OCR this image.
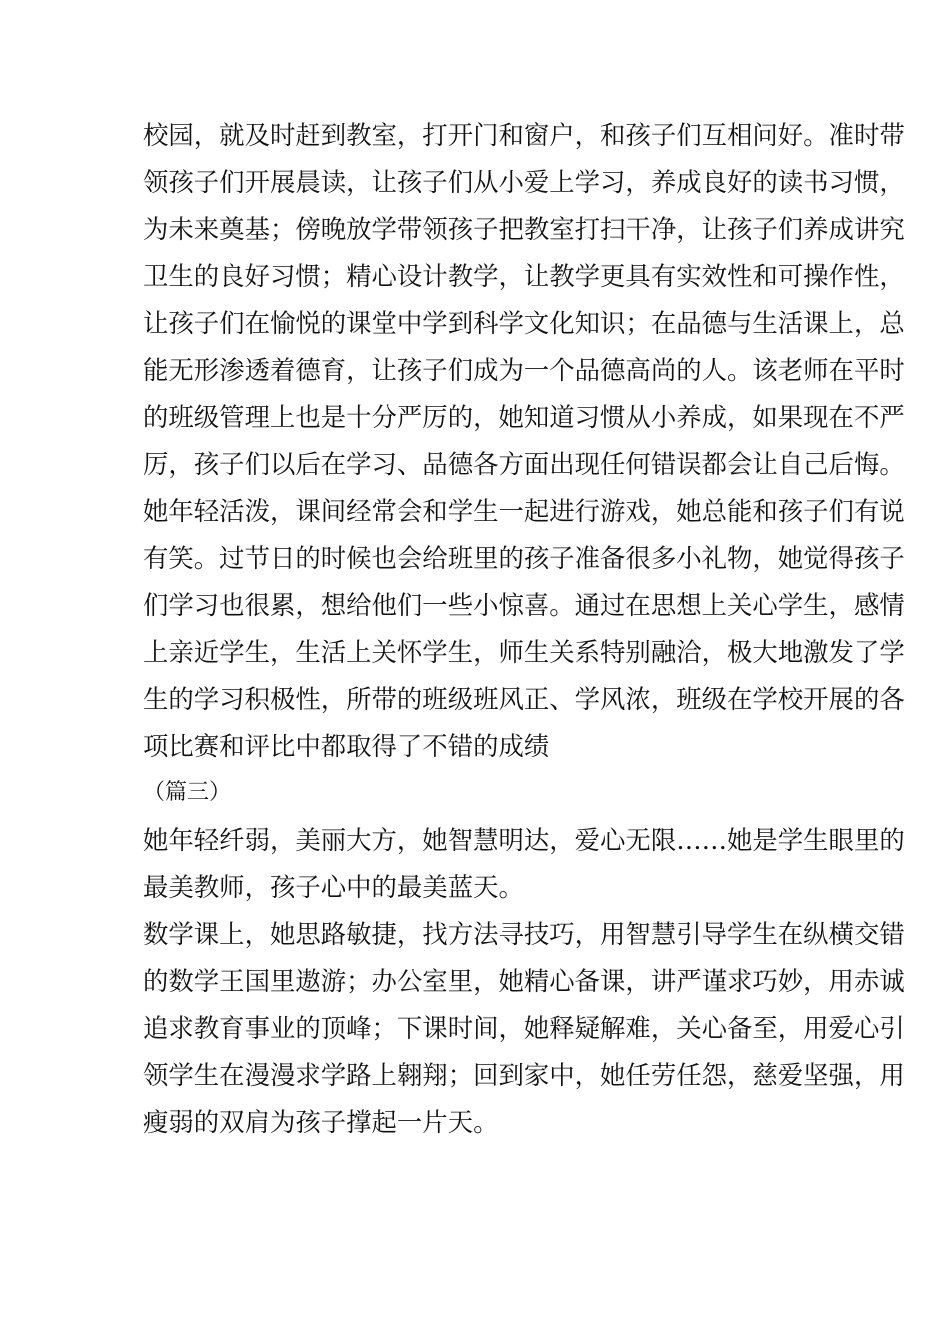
校园，就及时赶到教室，打开门和窗户，和孩子们互相问好。准时带
领孩子们开展晨读，让孩子们从小爱上学习，养成良好的读书习惯，
为未来奠基；傍晚放学带领孩子把教室打扫干净，让孩子们养成讲究
卫生的良好习惯；精心设计教学，让教学更具有实效性和可操作性，
让孩子们在愉悦的课堂中学到科学文化知识；在品德与生活课上，总
能无形渗透着德育，让孩子们成为一个品德高尚的人。该老师在平时
的班级管理上也是十分严厉的，她知道习惯从小养成，如果现在不严
厉，孩子们以后在学习、品德各方面出现任何错误都会让自己后悔。
她年轻活泼，课间经常会和学生一起进行游戏，她总能和孩子们有说
有笑。过节日的时候也会给班里的孩子准备很多小礼物，她觉得孩子
们学习也很累，想给他们一些小惊喜。通过在思想上关心学生，感情
上亲近学生，生活上关怀学生，师生关系特别融洽，极大地激发了学
生的学习积极性，所带的班级班风正、学风浓，班级在学校开展的各
项比赛和评比中都取得了不错的成绩
（篇三）
她年轻纤弱，美丽大方，她智慧明达，爱心无限……她是学生眼里的
最美教师，孩子心中的最美蓝天。
数学课上，她思路敏捷，找方法寻技巧，用智慧引导学生在纵横交错
的数学王国里遨游；办公室里，她精心备课，讲严谨求巧妙，用赤诚
追求教育事业的顶峰；下课时间，她释疑解难，关心备至，用爱心引
领学生在漫漫求学路上翱翔；回到家中，她任劳任怨，慈爱坚强，用
瘦弱的双肩为孩子撑起一片天。
